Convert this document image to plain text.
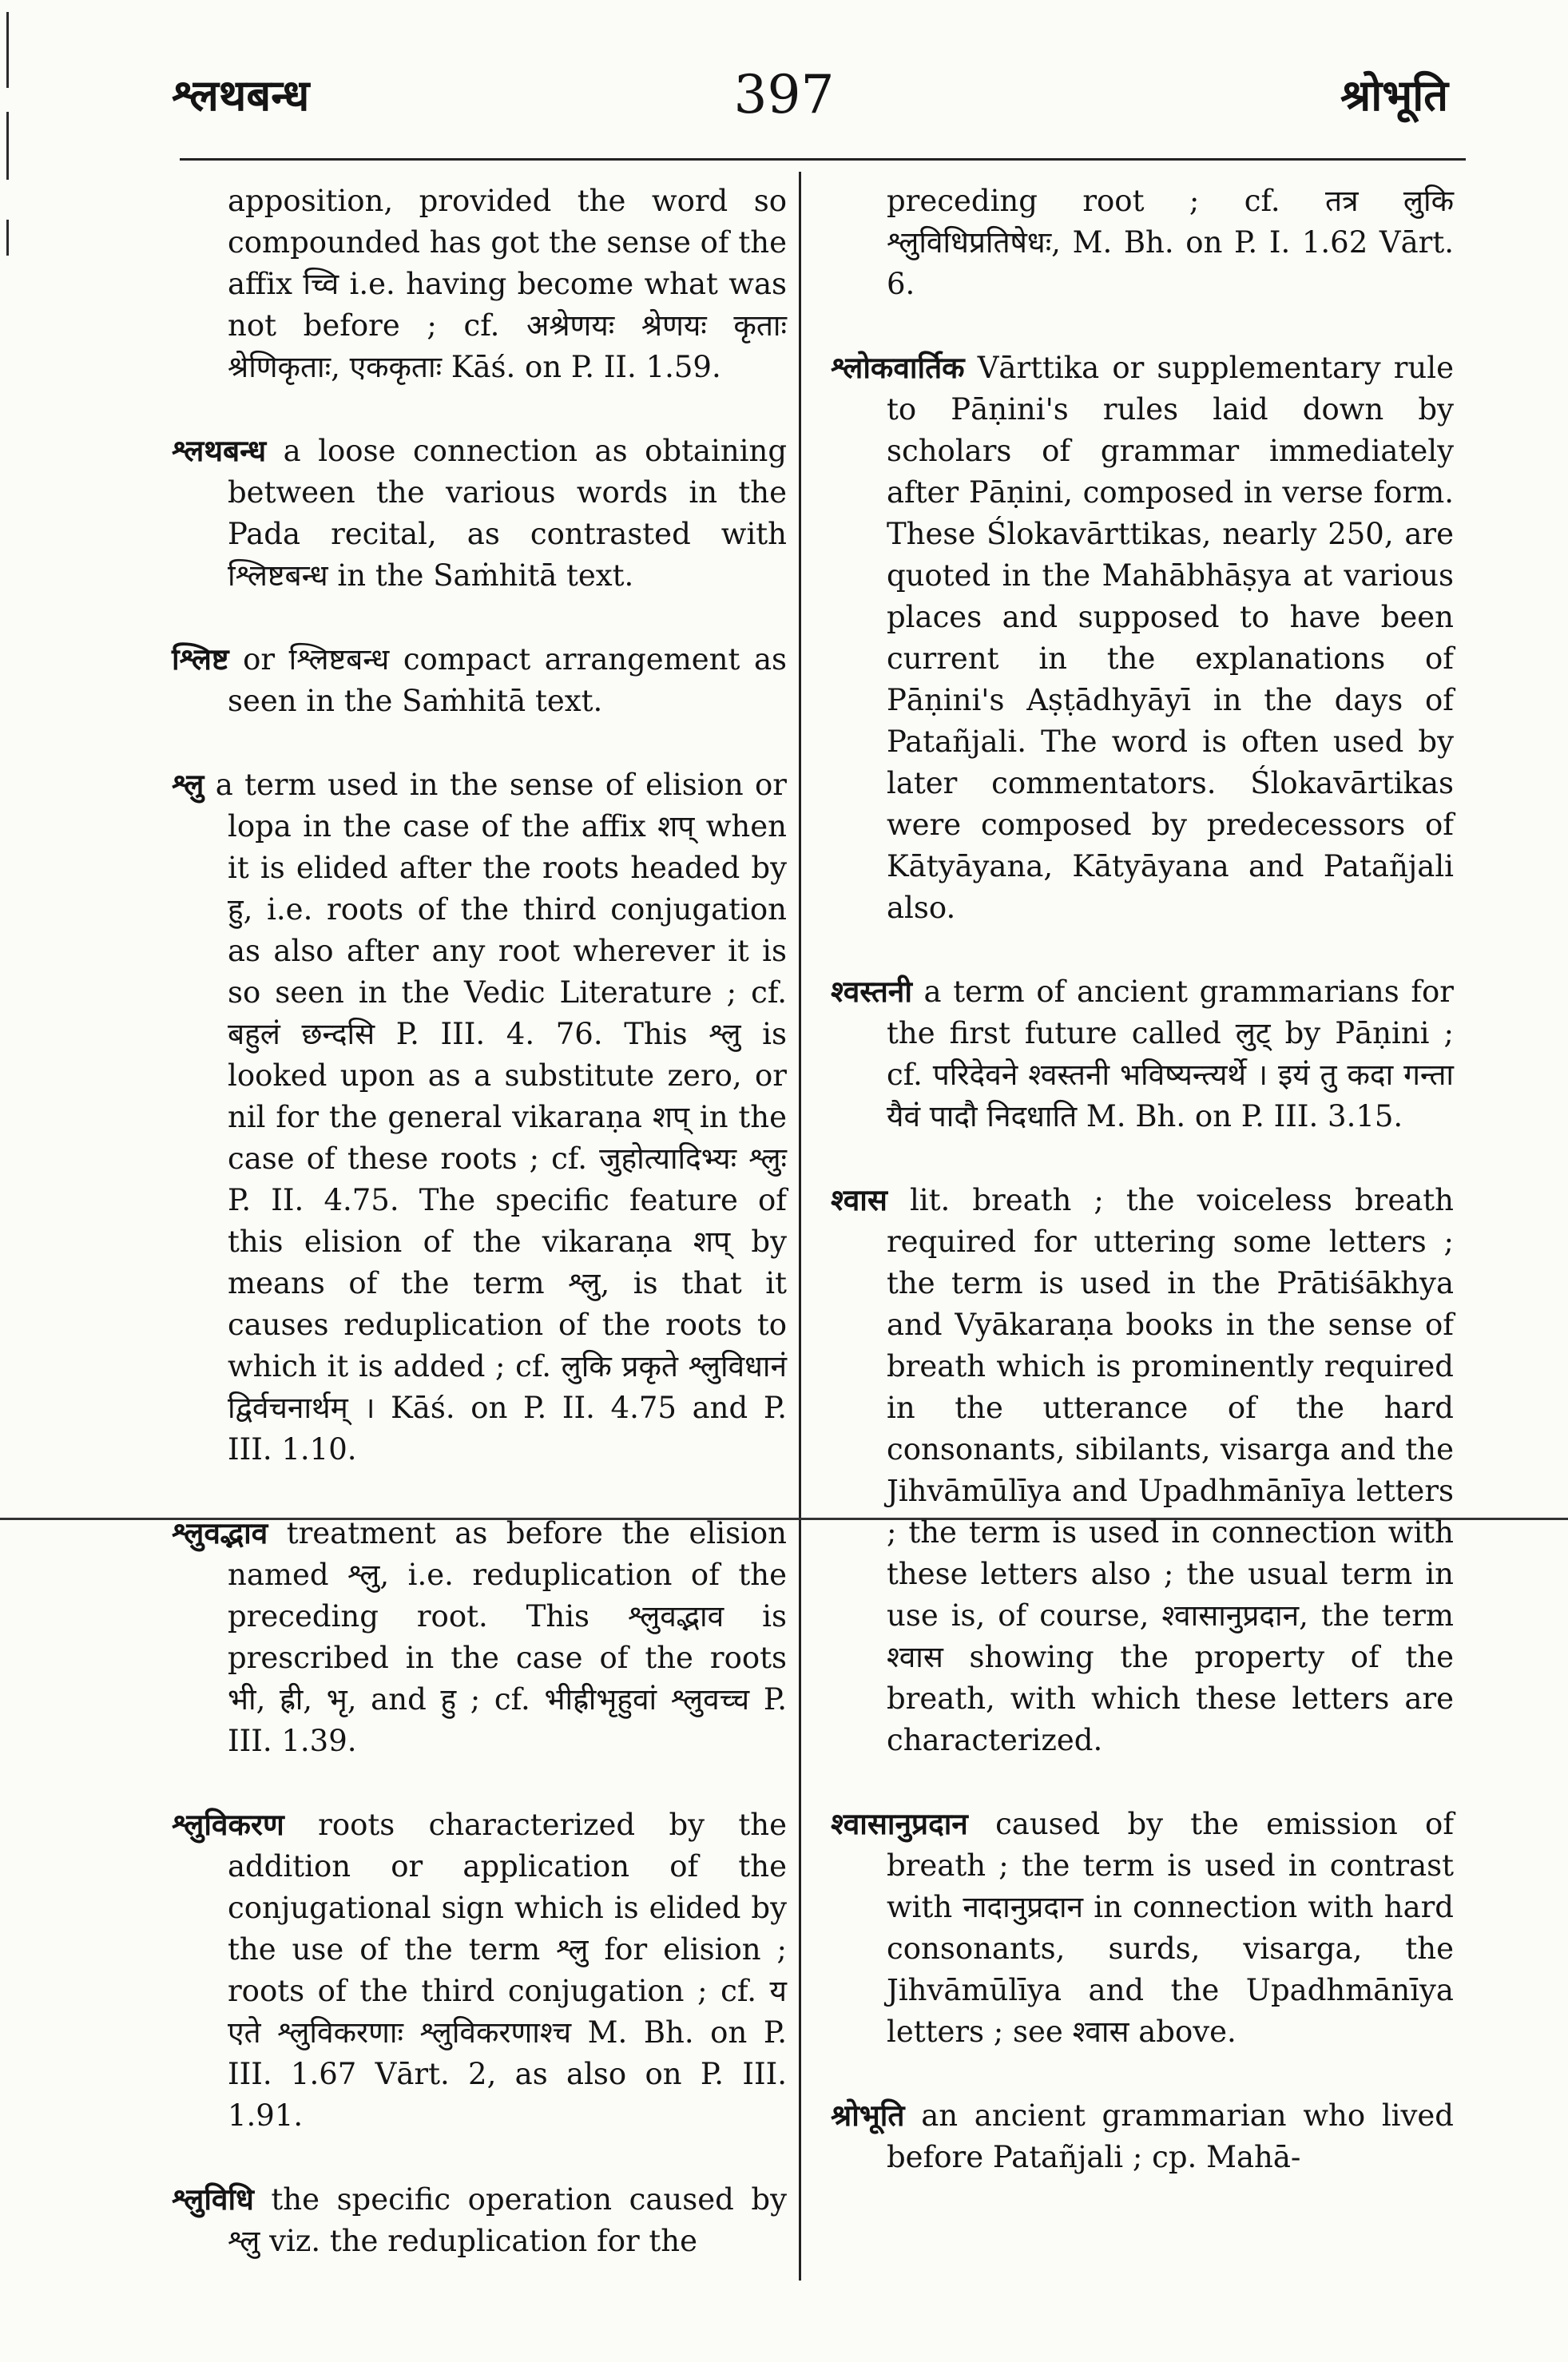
397
श्लथबन्ध	श्रोभूति

apposition, provided the word so compounded has got the sense of the affix च्वि i.e. having become what was not before ; cf. अश्रेणयः श्रेणयः कृताः श्रेणिकृताः, एककृताः Kāś. on P. II. 1.59.

श्लथबन्ध a loose connection as obtaining between the various words in the Pada recital, as contrasted with श्लिष्टबन्ध in the Saṁhitā text.

श्लिष्ट or श्लिष्टबन्ध compact arrangement as seen in the Saṁhitā text.

श्लु a term used in the sense of elision or lopa in the case of the affix शप् when it is elided after the roots headed by हु, i.e. roots of the third conjugation as also after any root wherever it is so seen in the Vedic Literature ; cf. बहुलं छन्दसि P. III. 4. 76. This श्लु is looked upon as a substitute zero, or nil for the general vikaraṇa शप् in the case of these roots ; cf. जुहोत्यादिभ्यः श्लुः P. II. 4.75. The specific feature of this elision of the vikaraṇa शप् by means of the term श्लु, is that it causes reduplication of the roots to which it is added ; cf. लुकि प्रकृते श्लुविधानं द्विर्वचनार्थम् । Kāś. on P. II. 4.75 and P. III. 1.10.

श्लुवद्भाव treatment as before the elision named श्लु, i.e. reduplication of the preceding root. This श्लुवद्भाव is prescribed in the case of the roots भी, ह्री, भृ, and हु ; cf. भीह्रीभृहुवां श्लुवच्च P. III. 1.39.

श्लुविकरण roots characterized by the addition or application of the conjugational sign which is elided by the use of the term श्लु for elision ; roots of the third conjugation ; cf. य एते श्लुविकरणाः श्लुविकरणाश्च M. Bh. on P. III. 1.67 Vārt. 2, as also on P. III. 1.91.

श्लुविधि the specific operation caused by श्लु viz. the reduplication for the

preceding root ; cf. तत्र लुकि श्लुविधिप्रतिषेधः, M. Bh. on P. I. 1.62 Vārt. 6.

श्लोकवार्तिक Vārttika or supplementary rule to Pāṇini's rules laid down by scholars of grammar immediately after Pāṇini, composed in verse form. These Ślokavārttikas, nearly 250, are quoted in the Mahābhāṣya at various places and supposed to have been current in the explanations of Pāṇini's Aṣṭādhyāyī in the days of Patañjali. The word is often used by later commentators. Ślokavārtikas were composed by predecessors of Kātyāyana, Kātyāyana and Patañjali also.

श्वस्तनी a term of ancient grammarians for the first future called लुट् by Pāṇini ; cf. परिदेवने श्वस्तनी भविष्यन्त्यर्थे । इयं तु कदा गन्ता यैवं पादौ निदधाति M. Bh. on P. III. 3.15.

श्वास lit. breath ; the voiceless breath required for uttering some letters ; the term is used in the Prātiśākhya and Vyākaraṇa books in the sense of breath which is prominently required in the utterance of the hard consonants, sibilants, visarga and the Jihvāmūlīya and Upadhmānīya letters ; the term is used in connection with these letters also ; the usual term in use is, of course, श्वासानुप्रदान, the term श्वास showing the property of the breath, with which these letters are characterized.

श्वासानुप्रदान caused by the emission of breath ; the term is used in contrast with नादानुप्रदान in connection with hard consonants, surds, visarga, the Jihvāmūlīya and the Upadhmānīya letters ; see श्वास above.

श्रोभूति an ancient grammarian who lived before Patañjali ; cp. Mahā-
